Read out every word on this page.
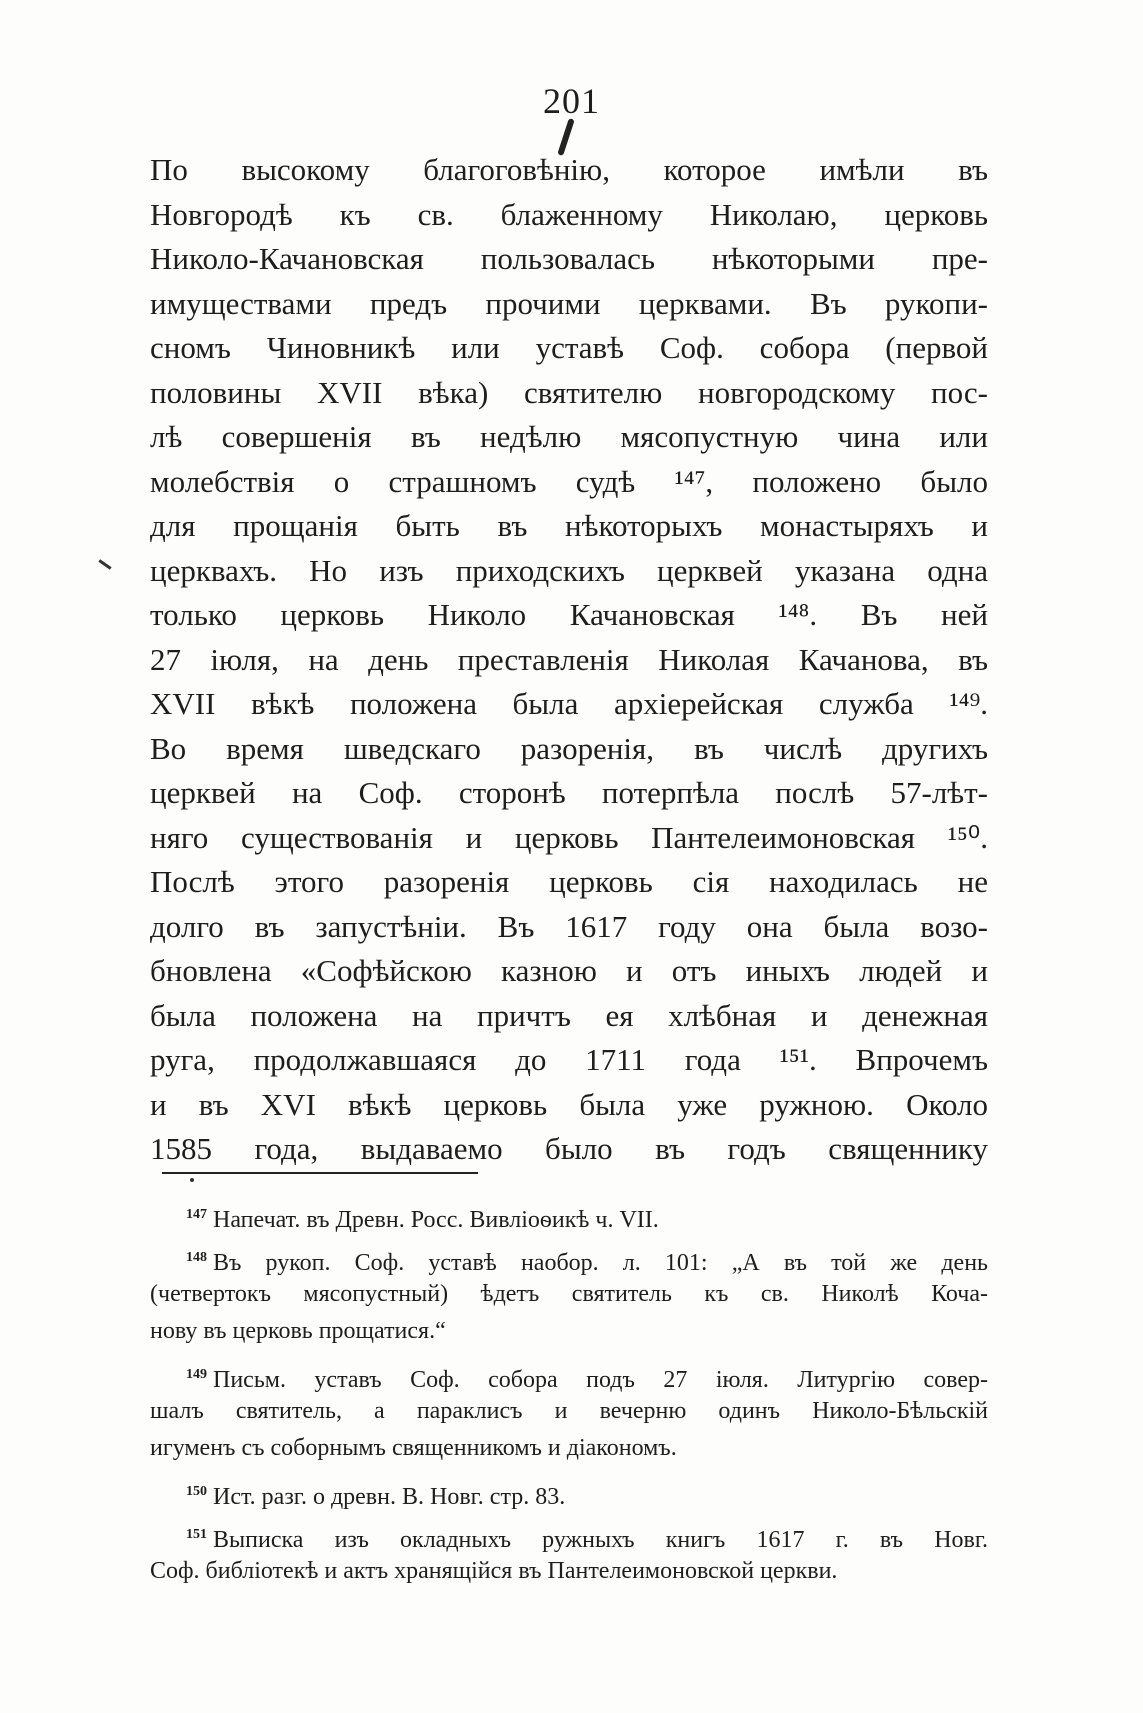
201
По высокому благоговѣнію, которое имѣли въ
Новгородѣ къ св. блаженному Николаю, церковь
Николо-Качановская пользовалась нѣкоторыми пре-
имуществами предъ прочими церквами. Въ рукопи-
сномъ Чиновникѣ или уставѣ Соф. собора (первой
половины XVII вѣка) святителю новгородскому пос-
лѣ совершенія въ недѣлю мясопустную чина или
молебствія о страшномъ судѣ ¹⁴⁷, положено было
для прощанія быть въ нѣкоторыхъ монастыряхъ и
церквахъ. Но изъ приходскихъ церквей указана одна
только церковь Николо Качановская ¹⁴⁸. Въ ней
27 іюля, на день преставленія Николая Качанова, въ
XVII вѣкѣ положена была архіерейская служба ¹⁴⁹.
Во время шведскаго разоренія, въ числѣ другихъ
церквей на Соф. сторонѣ потерпѣла послѣ 57-лѣт-
няго существованія и церковь Пантелеимоновская ¹⁵⁰.
Послѣ этого разоренія церковь сія находилась не
долго въ запустѣніи. Въ 1617 году она была возо-
бновлена «Софѣйскою казною и отъ иныхъ людей и
была положена на причтъ ея хлѣбная и денежная
руга, продолжавшаяся до 1711 года ¹⁵¹. Впрочемъ
и въ XVI вѣкѣ церковь была уже ружною. Около
1585 года, выдаваемо было въ годъ священнику
$^{147}$ Напечат. въ Древн. Росс. Вивліоѳикѣ ч. VII.
$^{148}$ Въ рукоп. Соф. уставѣ наобор. л. 101: „А въ той же день
(четвертокъ мясопустный) ѣдетъ святитель къ св. Николѣ Коча-
нову въ церковь прощатися.“
$^{149}$ Письм. уставъ Соф. собора подъ 27 іюля. Литургію совер-
шалъ святитель, а параклисъ и вечерню одинъ Николо-Бѣльскій
игуменъ съ соборнымъ священникомъ и діакономъ.
$^{150}$ Ист. разг. о древн. В. Новг. стр. 83.
$^{151}$ Выписка изъ окладныхъ ружныхъ книгъ 1617 г. въ Новг.
Соф. библіотекѣ и актъ хранящійся въ Пантелеимоновской церкви.
